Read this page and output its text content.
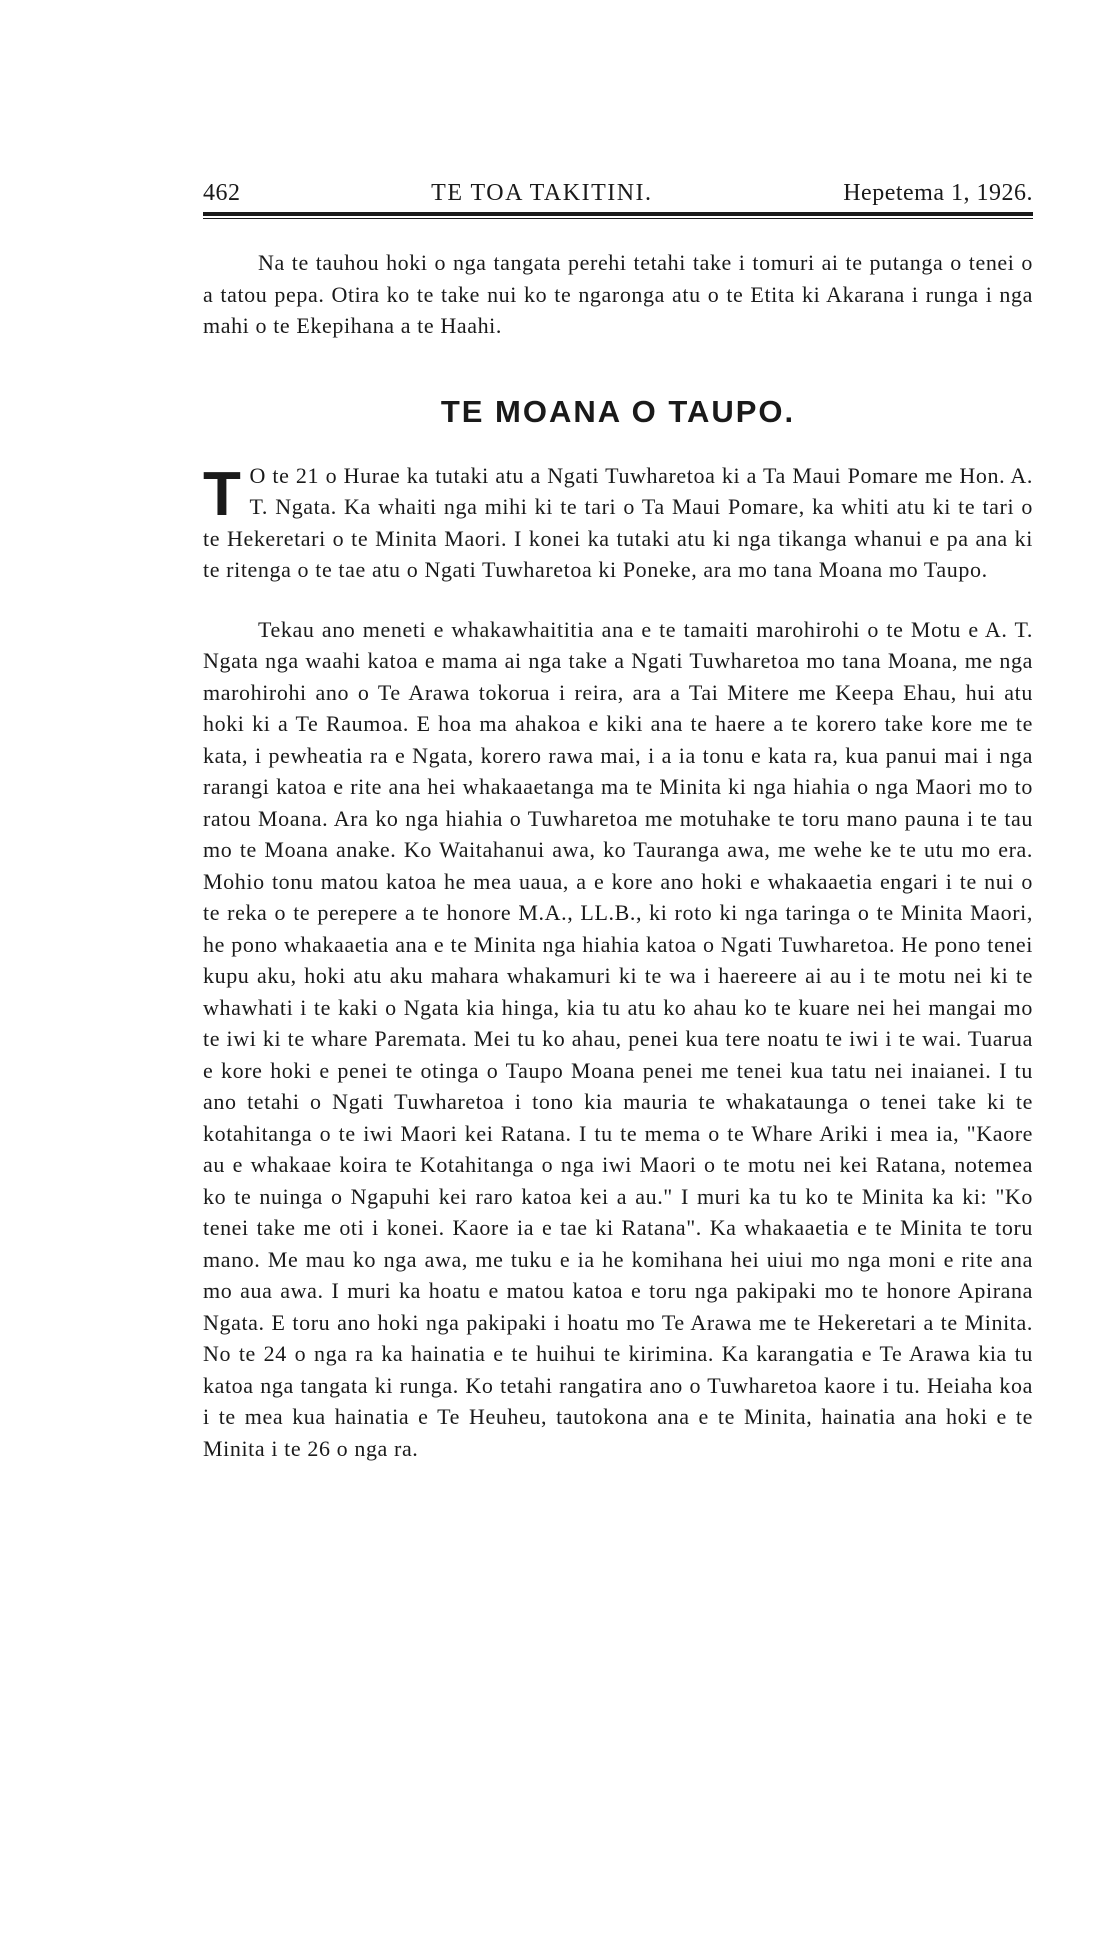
462	TE TOA TAKITINI.	Hepetema 1, 1926.

Na te tauhou hoki o nga tangata perehi tetahi take i tomuri ai te putanga o tenei o a tatou pepa. Otira ko te take nui ko te ngaronga atu o te Etita ki Akarana i runga i nga mahi o te Ekepihana a te Haahi.

TE MOANA O TAUPO.

T O te 21 o Hurae ka tutaki atu a Ngati Tuwharetoa ki a Ta Maui Pomare me Hon. A. T. Ngata. Ka whaiti nga mihi ki te tari o Ta Maui Pomare, ka whiti atu ki te tari o te Hekeretari o te Minita Maori. I konei ka tutaki atu ki nga tikanga whanui e pa ana ki te ritenga o te tae atu o Ngati Tuwharetoa ki Poneke, ara mo tana Moana mo Taupo.

Tekau ano meneti e whakawhaititia ana e te tamaiti marohirohi o te Motu e A. T. Ngata nga waahi katoa e mama ai nga take a Ngati Tuwharetoa mo tana Moana, me nga marohirohi ano o Te Arawa tokorua i reira, ara a Tai Mitere me Keepa Ehau, hui atu hoki ki a Te Raumoa. E hoa ma ahakoa e kiki ana te haere a te korero take kore me te kata, i pewheatia ra e Ngata, korero rawa mai, i a ia tonu e kata ra, kua panui mai i nga rarangi katoa e rite ana hei whakaaetanga ma te Minita ki nga hiahia o nga Maori mo to ratou Moana. Ara ko nga hiahia o Tuwharetoa me motuhake te toru mano pauna i te tau mo te Moana anake. Ko Waitahanui awa, ko Tauranga awa, me wehe ke te utu mo era. Mohio tonu matou katoa he mea uaua, a e kore ano hoki e whakaaetia engari i te nui o te reka o te perepere a te honore M.A., LL.B., ki roto ki nga taringa o te Minita Maori, he pono whakaaetia ana e te Minita nga hiahia katoa o Ngati Tuwharetoa. He pono tenei kupu aku, hoki atu aku mahara whakamuri ki te wa i haereere ai au i te motu nei ki te whawhati i te kaki o Ngata kia hinga, kia tu atu ko ahau ko te kuare nei hei mangai mo te iwi ki te whare Paremata. Mei tu ko ahau, penei kua tere noatu te iwi i te wai. Tuarua e kore hoki e penei te otinga o Taupo Moana penei me tenei kua tatu nei inaianei. I tu ano tetahi o Ngati Tuwharetoa i tono kia mauria te whakataunga o tenei take ki te kotahitanga o te iwi Maori kei Ratana. I tu te mema o te Whare Ariki i mea ia, "Kaore au e whakaae koira te Kotahitanga o nga iwi Maori o te motu nei kei Ratana, notemea ko te nuinga o Ngapuhi kei raro katoa kei a au." I muri ka tu ko te Minita ka ki: "Ko tenei take me oti i konei. Kaore ia e tae ki Ratana". Ka whakaaetia e te Minita te toru mano. Me mau ko nga awa, me tuku e ia he komihana hei uiui mo nga moni e rite ana mo aua awa. I muri ka hoatu e matou katoa e toru nga pakipaki mo te honore Apirana Ngata. E toru ano hoki nga pakipaki i hoatu mo Te Arawa me te Hekeretari a te Minita. No te 24 o nga ra ka hainatia e te huihui te kirimina. Ka karangatia e Te Arawa kia tu katoa nga tangata ki runga. Ko tetahi rangatira ano o Tuwharetoa kaore i tu. Heiaha koa i te mea kua hainatia e Te Heuheu, tautokona ana e te Minita, hainatia ana hoki e te Minita i te 26 o nga ra.
